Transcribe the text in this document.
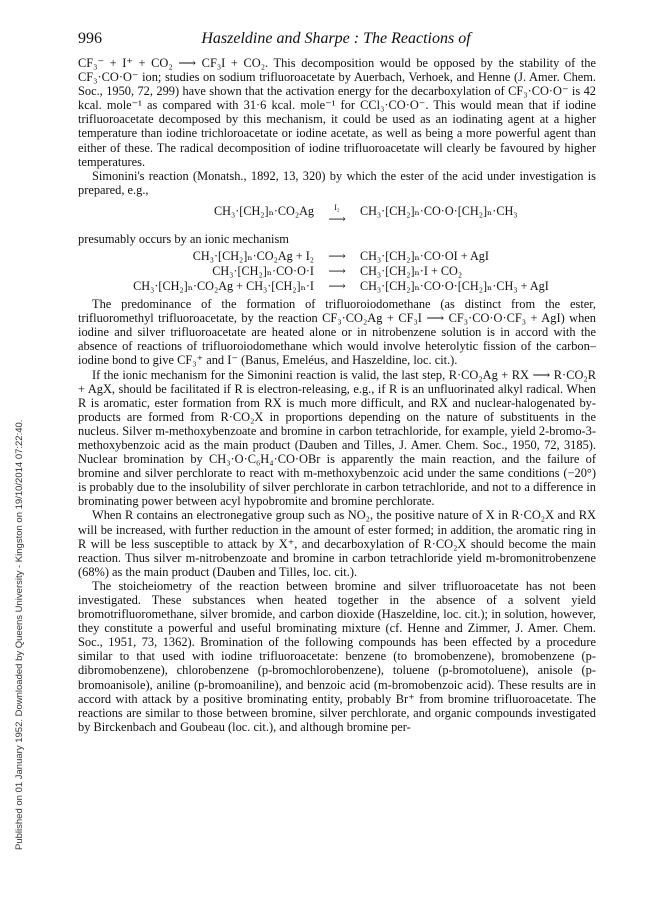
996	Haszeldine and Sharpe : The Reactions of
Published on 01 January 1952. Downloaded by Queens University - Kingston on 19/10/2014 07:22:40.

CF₃⁻ + I⁺ + CO₂ ⟶ CF₃I + CO₂. This decomposition would be opposed by the stability of the CF₃·CO·O⁻ ion; studies on sodium trifluoroacetate by Auerbach, Verhoek, and Henne (J. Amer. Chem. Soc., 1950, 72, 299) have shown that the activation energy for the decarboxylation of CF₃·CO·O⁻ is 42 kcal. mole⁻¹ as compared with 31·6 kcal. mole⁻¹ for CCl₃·CO·O⁻. This would mean that if iodine trifluoroacetate decomposed by this mechanism, it could be used as an iodinating agent at a higher temperature than iodine trichloroacetate or iodine acetate, as well as being a more powerful agent than either of these. The radical decomposition of iodine trifluoroacetate will clearly be favoured by higher temperatures.

Simonini's reaction (Monatsh., 1892, 13, 320) by which the ester of the acid under investigation is prepared, e.g.,

CH₃·[CH₂]ₙ·CO₂Ag	I₂
⟶
CH₃·[CH₂]ₙ·CO·O·[CH₂]ₙ·CH₃

presumably occurs by an ionic mechanism

CH₃·[CH₂]ₙ·CO₂Ag + I₂	⟶	CH₃·[CH₂]ₙ·CO·OI + AgI
CH₃·[CH₂]ₙ·CO·O·I	⟶	CH₃·[CH₂]ₙ·I + CO₂
CH₃·[CH₂]ₙ·CO₂Ag + CH₃·[CH₂]ₙ·I	⟶	CH₃·[CH₂]ₙ·CO·O·[CH₂]ₙ·CH₃ + AgI

The predominance of the formation of trifluoroiodomethane (as distinct from the ester, trifluoromethyl trifluoroacetate, by the reaction CF₃·CO₂Ag + CF₃I ⟶ CF₃·CO·O·CF₃ + AgI) when iodine and silver trifluoroacetate are heated alone or in nitrobenzene solution is in accord with the absence of reactions of trifluoroiodomethane which would involve heterolytic fission of the carbon–iodine bond to give CF₃⁺ and I⁻ (Banus, Emeléus, and Haszeldine, loc. cit.).

If the ionic mechanism for the Simonini reaction is valid, the last step, R·CO₂Ag + RX ⟶ R·CO₂R + AgX, should be facilitated if R is electron-releasing, e.g., if R is an unfluorinated alkyl radical. When R is aromatic, ester formation from RX is much more difficult, and RX and nuclear-halogenated by-products are formed from R·CO₂X in proportions depending on the nature of substituents in the nucleus. Silver m-methoxybenzoate and bromine in carbon tetrachloride, for example, yield 2-bromo-3-methoxybenzoic acid as the main product (Dauben and Tilles, J. Amer. Chem. Soc., 1950, 72, 3185). Nuclear bromination by CH₃·O·C₆H₄·CO·OBr is apparently the main reaction, and the failure of bromine and silver perchlorate to react with m-methoxybenzoic acid under the same conditions (−20°) is probably due to the insolubility of silver perchlorate in carbon tetrachloride, and not to a difference in brominating power between acyl hypobromite and bromine perchlorate.

When R contains an electronegative group such as NO₂, the positive nature of X in R·CO₂X and RX will be increased, with further reduction in the amount of ester formed; in addition, the aromatic ring in R will be less susceptible to attack by X⁺, and decarboxylation of R·CO₂X should become the main reaction. Thus silver m-nitrobenzoate and bromine in carbon tetrachloride yield m-bromonitrobenzene (68%) as the main product (Dauben and Tilles, loc. cit.).

The stoicheiometry of the reaction between bromine and silver trifluoroacetate has not been investigated. These substances when heated together in the absence of a solvent yield bromotrifluoromethane, silver bromide, and carbon dioxide (Haszeldine, loc. cit.); in solution, however, they constitute a powerful and useful brominating mixture (cf. Henne and Zimmer, J. Amer. Chem. Soc., 1951, 73, 1362). Bromination of the following compounds has been effected by a procedure similar to that used with iodine trifluoroacetate: benzene (to bromobenzene), bromobenzene (p-dibromobenzene), chlorobenzene (p-bromochlorobenzene), toluene (p-bromotoluene), anisole (p-bromoanisole), aniline (p-bromoaniline), and benzoic acid (m-bromobenzoic acid). These results are in accord with attack by a positive brominating entity, probably Br⁺ from bromine trifluoroacetate. The reactions are similar to those between bromine, silver perchlorate, and organic compounds investigated by Birckenbach and Goubeau (loc. cit.), and although bromine per-
